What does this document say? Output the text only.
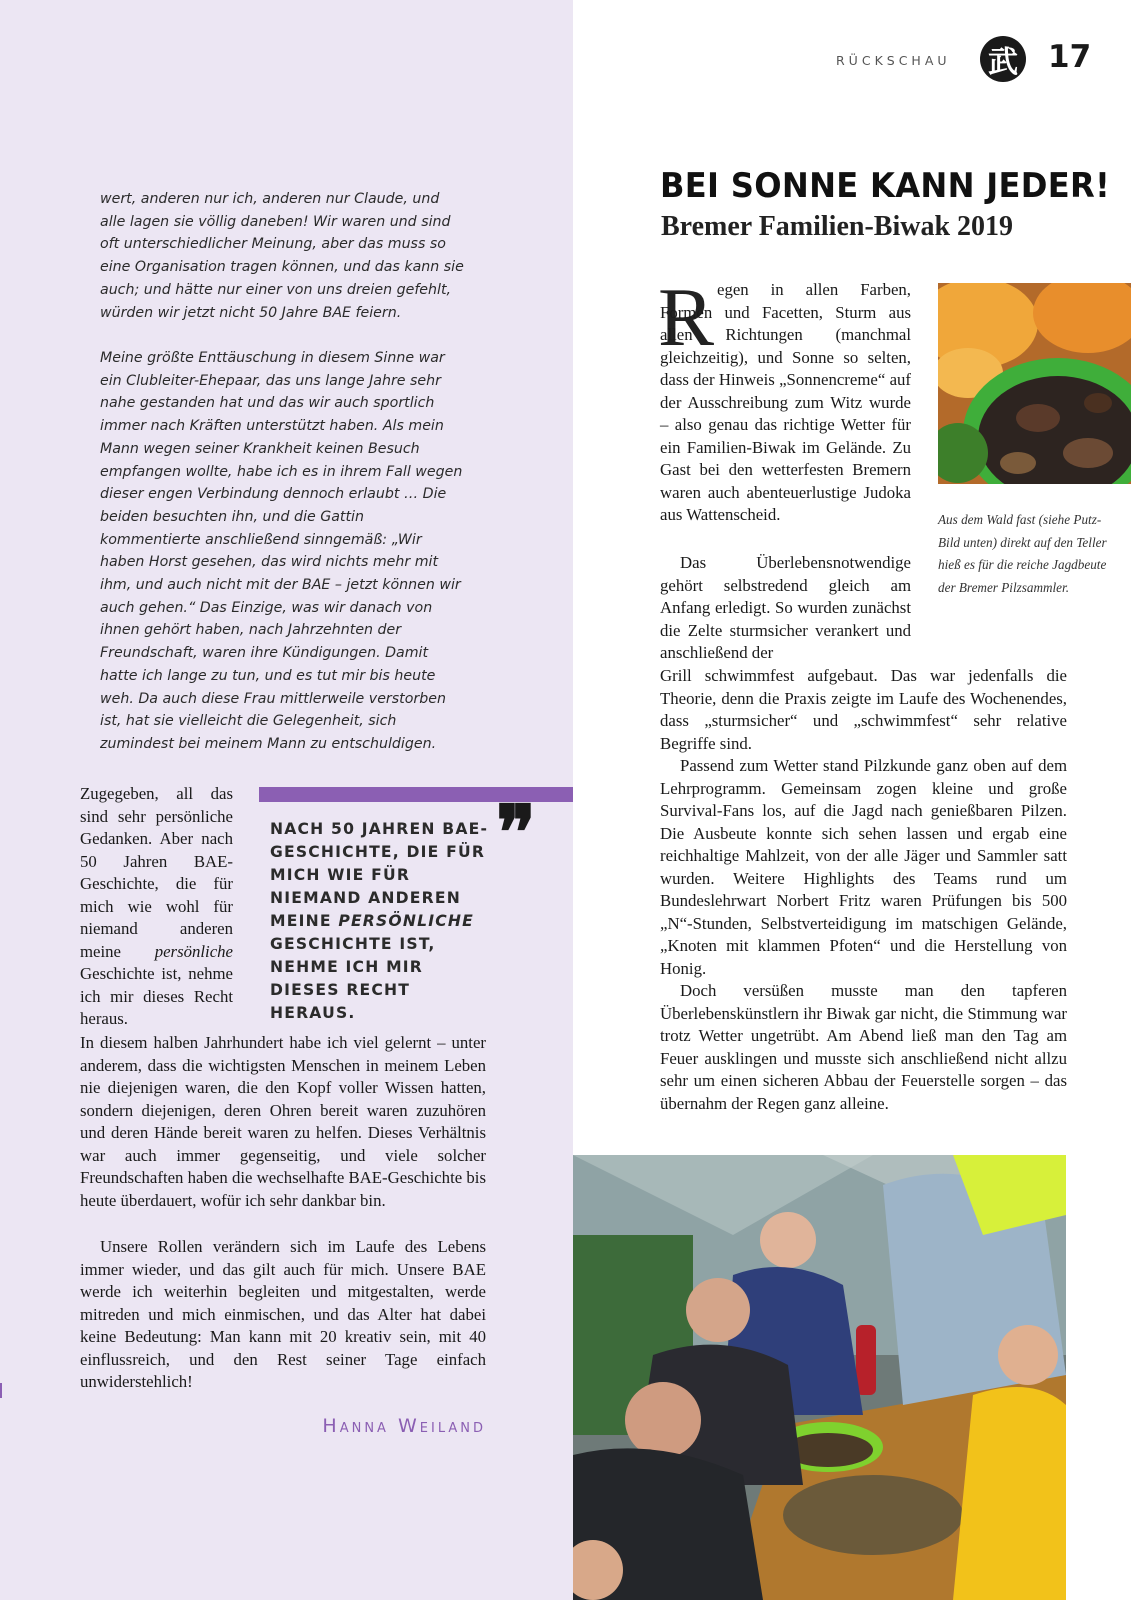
wert, anderen nur ich, anderen nur Claude, und alle lagen sie völlig daneben! Wir waren und sind oft unterschiedlicher Meinung, aber das muss so eine Organisation tragen können, und das kann sie auch; und hätte nur einer von uns dreien gefehlt, würden wir jetzt nicht 50 Jahre BAE feiern.

Meine größte Enttäuschung in diesem Sinne war ein Clubleiter-Ehepaar, das uns lange Jahre sehr nahe gestanden hat und das wir auch sportlich immer nach Kräften unterstützt haben. Als mein Mann wegen seiner Krankheit keinen Besuch empfangen wollte, habe ich es in ihrem Fall wegen dieser engen Verbindung dennoch erlaubt … Die beiden besuchten ihn, und die Gattin kommentierte anschließend sinngemäß: „Wir haben Horst gesehen, das wird nichts mehr mit ihm, und auch nicht mit der BAE – jetzt können wir auch gehen.“ Das Einzige, was wir danach von ihnen gehört haben, nach Jahrzehnten der Freundschaft, waren ihre Kündigungen. Damit hatte ich lange zu tun, und es tut mir bis heute weh. Da auch diese Frau mittlerweile verstorben ist, hat sie vielleicht die Gelegenheit, sich zumindest bei meinem Mann zu entschuldigen.

Zugegeben, all das sind sehr persönliche Gedanken. Aber nach 50 Jahren BAE-Geschichte, die für mich wie wohl für niemand anderen meine persönliche Geschichte ist, nehme ich mir dieses Recht heraus.

❞

NACH 50 JAHREN BAE-GESCHICHTE, DIE FÜR MICH WIE FÜR NIEMAND ANDEREN MEINE PERSÖNLICHE GESCHICHTE IST, NEHME ICH MIR DIESES RECHT HERAUS.

In diesem halben Jahrhundert habe ich viel gelernt – unter anderem, dass die wichtigsten Menschen in meinem Leben nie diejenigen waren, die den Kopf voller Wissen hatten, sondern diejenigen, deren Ohren bereit waren zuzuhören und deren Hände bereit waren zu helfen. Dieses Verhältnis war auch immer gegenseitig, und viele solcher Freundschaften haben die wechselhafte BAE-Geschichte bis heute überdauert, wofür ich sehr dankbar bin.

Unsere Rollen verändern sich im Laufe des Lebens immer wieder, und das gilt auch für mich. Unsere BAE werde ich weiterhin begleiten und mitgestalten, werde mitreden und mich einmischen, und das Alter hat dabei keine Bedeutung: Man kann mit 20 kreativ sein, mit 40 einflussreich, und den Rest seiner Tage einfach unwiderstehlich!

Hanna Weiland
RÜCKSCHAU 武 17
BEI SONNE KANN JEDER!
Bremer Familien-Biwak 2019
R egen in allen Farben, Formen und Facetten, Sturm aus allen Richtungen (manchmal gleichzeitig), und Sonne so selten, dass der Hinweis „Sonnencreme“ auf der Ausschreibung zum Witz wurde – also genau das richtige Wetter für ein Familien-Biwak im Gelände. Zu Gast bei den wetterfesten Bremern waren auch abenteuerlustige Judoka aus Wattenscheid.

Das Überlebensnotwendige gehört selbstredend gleich am Anfang erledigt. So wurden zunächst die Zelte sturmsicher verankert und anschließend der

Grill schwimmfest aufgebaut. Das war jedenfalls die Theorie, denn die Praxis zeigte im Laufe des Wochenendes, dass „sturmsicher“ und „schwimmfest“ sehr relative Begriffe sind.

Passend zum Wetter stand Pilzkunde ganz oben auf dem Lehrprogramm. Gemeinsam zogen kleine und große Survival-Fans los, auf die Jagd nach genießbaren Pilzen. Die Ausbeute konnte sich sehen lassen und ergab eine reichhaltige Mahlzeit, von der alle Jäger und Sammler satt wurden. Weitere Highlights des Teams rund um Bundeslehrwart Norbert Fritz waren Prüfungen bis 500 „N“-Stunden, Selbstverteidigung im matschigen Gelände, „Knoten mit klammen Pfoten“ und die Herstellung von Honig.

Doch versüßen musste man den tapferen Überlebenskünstlern ihr Biwak gar nicht, die Stimmung war trotz Wetter ungetrübt. Am Abend ließ man den Tag am Feuer ausklingen und musste sich anschließend nicht allzu sehr um einen sicheren Abbau der Feuerstelle sorgen – das übernahm der Regen ganz alleine.

Aus dem Wald fast (siehe Putz-Bild unten) direkt auf den Teller hieß es für die reiche Jagdbeute der Bremer Pilzsammler.
